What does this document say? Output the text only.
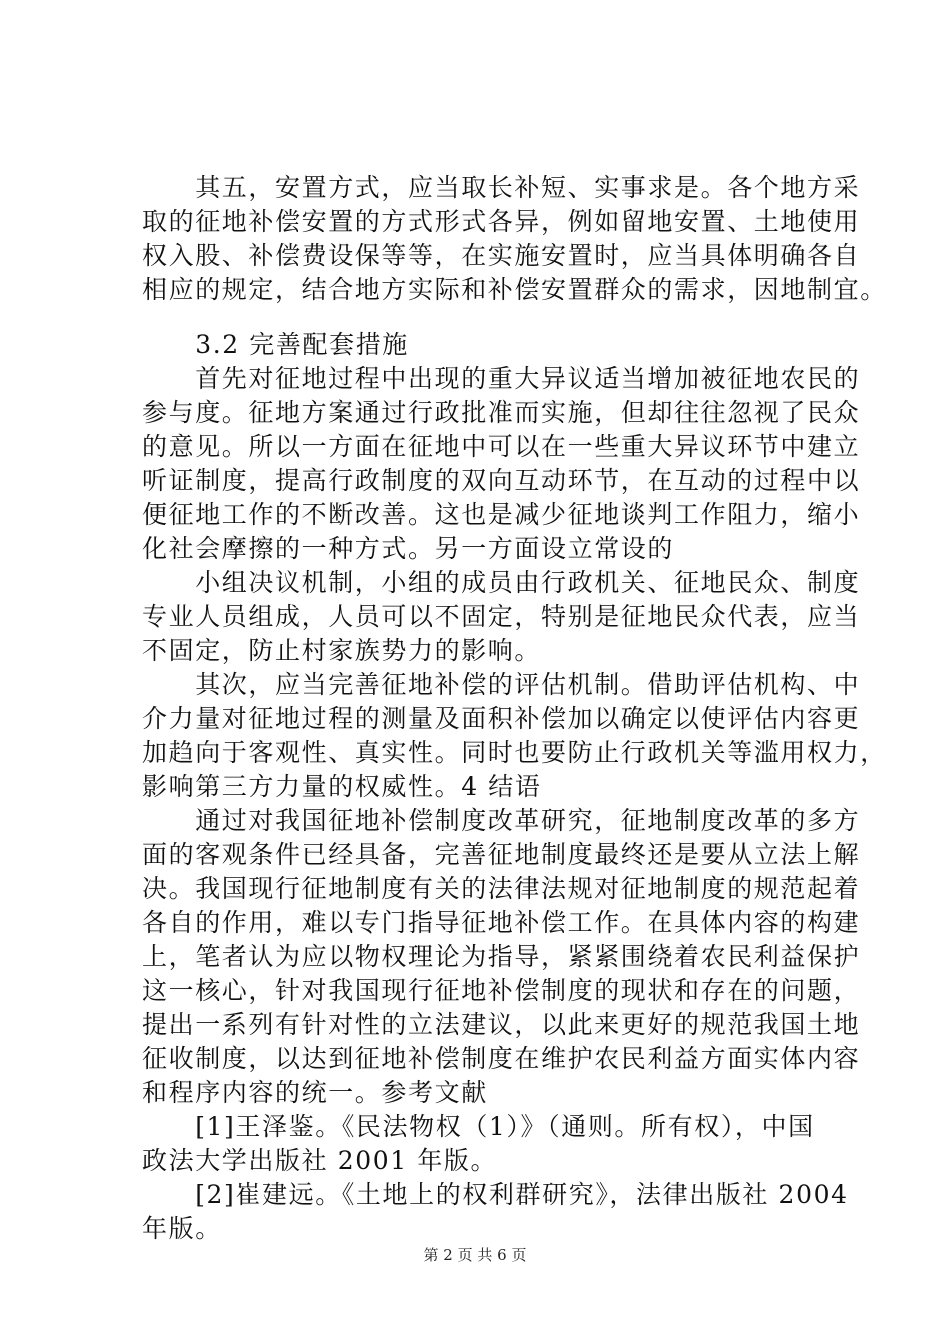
　　其五，安置方式，应当取长补短、实事求是。各个地方采
取的征地补偿安置的方式形式各异，例如留地安置、土地使用
权入股、补偿费设保等等，在实施安置时，应当具体明确各自
相应的规定，结合地方实际和补偿安置群众的需求，因地制宜。
　　3.2 完善配套措施
　　首先对征地过程中出现的重大异议适当增加被征地农民的
参与度。征地方案通过行政批准而实施，但却往往忽视了民众
的意见。所以一方面在征地中可以在一些重大异议环节中建立
听证制度，提高行政制度的双向互动环节，在互动的过程中以
便征地工作的不断改善。这也是减少征地谈判工作阻力，缩小
化社会摩擦的一种方式。另一方面设立常设的
　　小组决议机制，小组的成员由行政机关、征地民众、制度
专业人员组成，人员可以不固定，特别是征地民众代表，应当
不固定，防止村家族势力的影响。
　　其次，应当完善征地补偿的评估机制。借助评估机构、中
介力量对征地过程的测量及面积补偿加以确定以使评估内容更
加趋向于客观性、真实性。同时也要防止行政机关等滥用权力，
影响第三方力量的权威性。4 结语
　　通过对我国征地补偿制度改革研究，征地制度改革的多方
面的客观条件已经具备，完善征地制度最终还是要从立法上解
决。我国现行征地制度有关的法律法规对征地制度的规范起着
各自的作用，难以专门指导征地补偿工作。在具体内容的构建
上，笔者认为应以物权理论为指导，紧紧围绕着农民利益保护
这一核心，针对我国现行征地补偿制度的现状和存在的问题，
提出一系列有针对性的立法建议，以此来更好的规范我国土地
征收制度，以达到征地补偿制度在维护农民利益方面实体内容
和程序内容的统一。参考文献
　　[1]王泽鉴。《民法物权（1）》（通则。所有权），中国
政法大学出版社 2001 年版。
　　[2]崔建远。《土地上的权利群研究》，法律出版社 2004
年版。
第 2 页 共 6 页
